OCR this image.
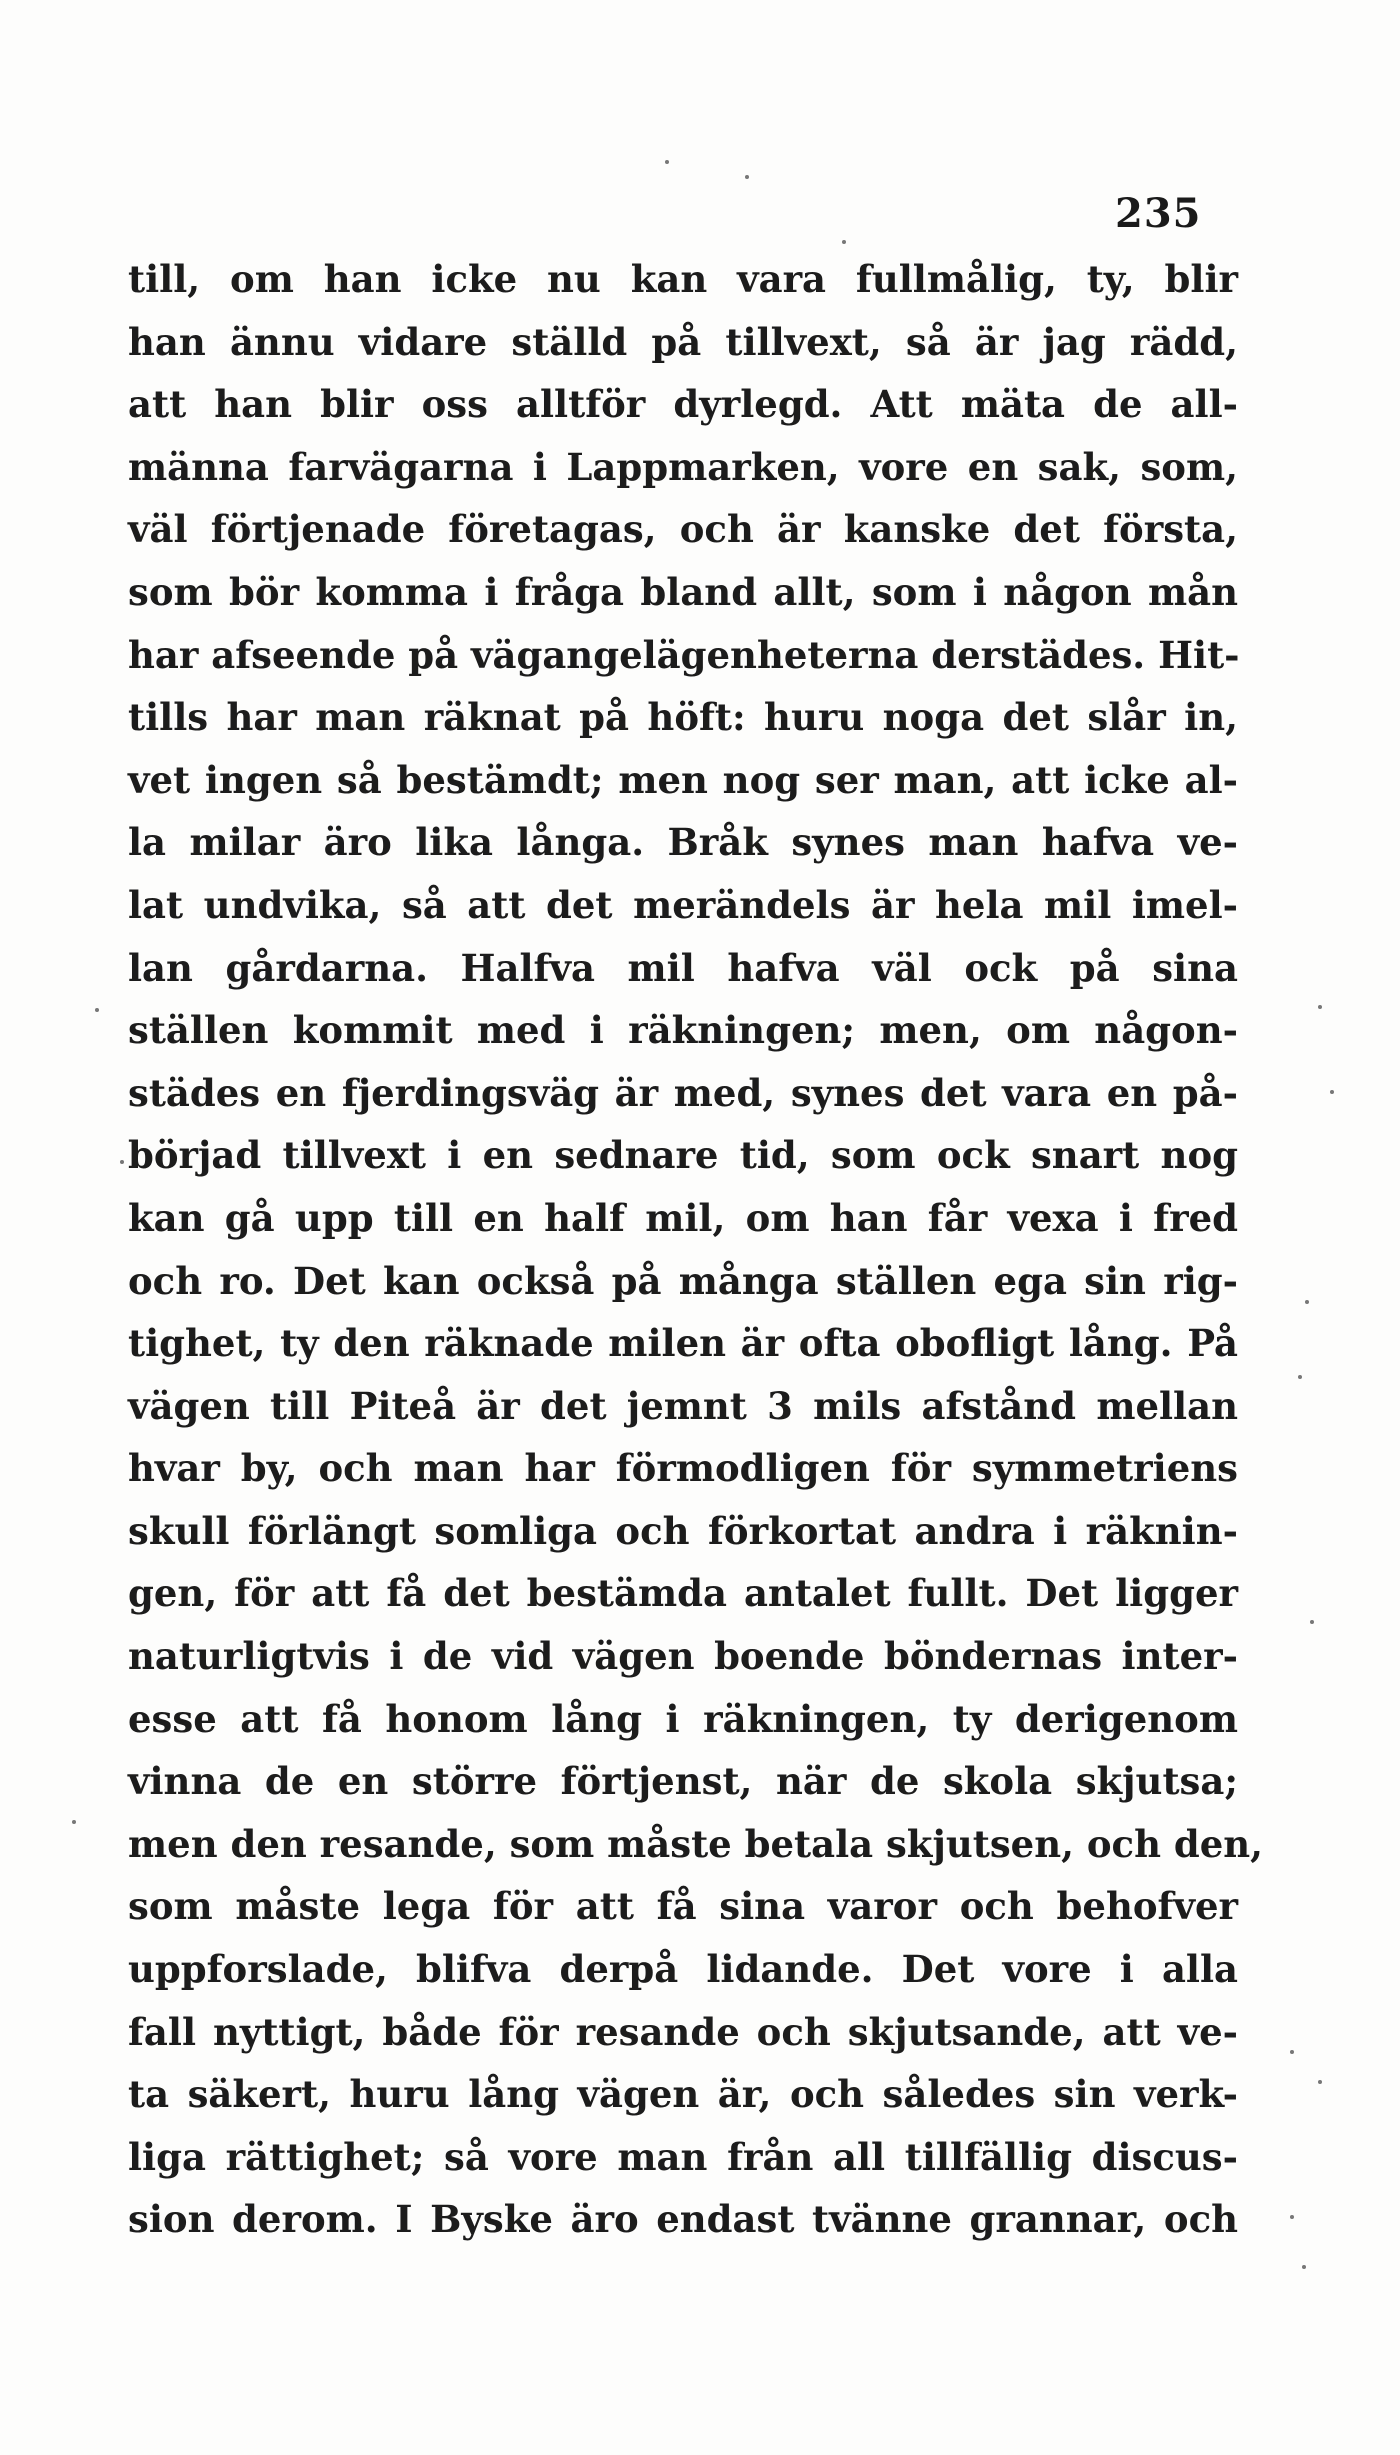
235
till, om han icke nu kan vara fullmålig, ty, blir
han ännu vidare ställd på tillvext, så är jag rädd,
att han blir oss alltför dyrlegd. Att mäta de all-
männa farvägarna i Lappmarken, vore en sak, som,
väl förtjenade företagas, och är kanske det första,
som bör komma i fråga bland allt, som i någon mån
har afseende på vägangelägenheterna derstädes. Hit-
tills har man räknat på höft: huru noga det slår in,
vet ingen så bestämdt; men nog ser man, att icke al-
la milar äro lika långa. Bråk synes man hafva ve-
lat undvika, så att det merändels är hela mil imel-
lan gårdarna. Halfva mil hafva väl ock på sina
ställen kommit med i räkningen; men, om någon-
städes en fjerdingsväg är med, synes det vara en på-
börjad tillvext i en sednare tid, som ock snart nog
kan gå upp till en half mil, om han får vexa i fred
och ro. Det kan också på många ställen ega sin rig-
tighet, ty den räknade milen är ofta obofligt lång. På
vägen till Piteå är det jemnt 3 mils afstånd mellan
hvar by, och man har förmodligen för symmetriens
skull förlängt somliga och förkortat andra i räknin-
gen, för att få det bestämda antalet fullt. Det ligger
naturligtvis i de vid vägen boende böndernas inter-
esse att få honom lång i räkningen, ty derigenom
vinna de en större förtjenst, när de skola skjutsa;
men den resande, som måste betala skjutsen, och den,
som måste lega för att få sina varor och behofver
uppforslade, blifva derpå lidande. Det vore i alla
fall nyttigt, både för resande och skjutsande, att ve-
ta säkert, huru lång vägen är, och således sin verk-
liga rättighet; så vore man från all tillfällig discus-
sion derom. I Byske äro endast tvänne grannar, och
